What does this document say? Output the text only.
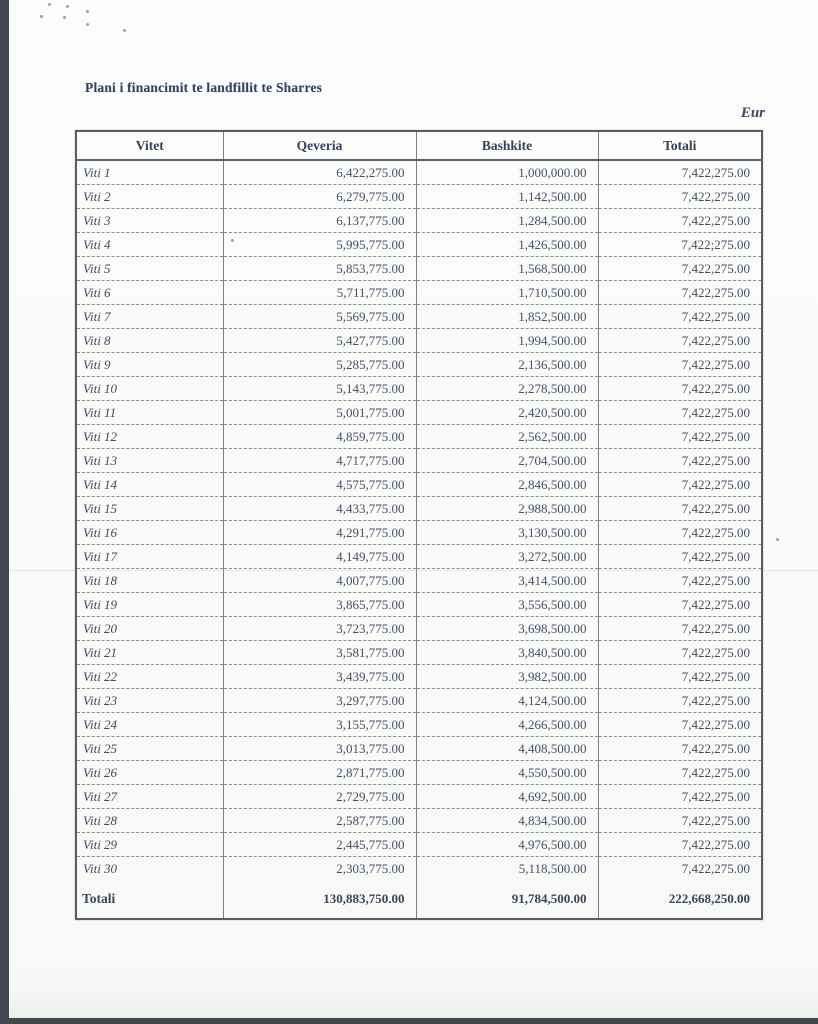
Plani i financimit te landfillit te Sharres
Eur
Vitet	Qeveria	Bashkite	Totali
Viti 1	6,422,275.00	1,000,000.00	7,422,275.00
Viti 2	6,279,775.00	1,142,500.00	7,422,275.00
Viti 3	6,137,775.00	1,284,500.00	7,422,275.00
Viti 4	5,995,775.00	1,426,500.00	7,422;275.00
Viti 5	5,853,775.00	1,568,500.00	7,422,275.00
Viti 6	5,711,775.00	1,710,500.00	7,422,275.00
Viti 7	5,569,775.00	1,852,500.00	7,422,275.00
Viti 8	5,427,775.00	1,994,500.00	7,422,275.00
Viti 9	5,285,775.00	2,136,500.00	7,422,275.00
Viti 10	5,143,775.00	2,278,500.00	7,422,275.00
Viti 11	5,001,775.00	2,420,500.00	7,422,275.00
Viti 12	4,859,775.00	2,562,500.00	7,422,275.00
Viti 13	4,717,775.00	2,704,500.00	7,422,275.00
Viti 14	4,575,775.00	2,846,500.00	7,422,275.00
Viti 15	4,433,775.00	2,988,500.00	7,422,275.00
Viti 16	4,291,775.00	3,130,500.00	7,422,275.00
Viti 17	4,149,775.00	3,272,500.00	7,422,275.00
Viti 18	4,007,775.00	3,414,500.00	7,422,275.00
Viti 19	3,865,775.00	3,556,500.00	7,422,275.00
Viti 20	3,723,775.00	3,698,500.00	7,422,275.00
Viti 21	3,581,775.00	3,840,500.00	7,422,275.00
Viti 22	3,439,775.00	3,982,500.00	7,422,275.00
Viti 23	3,297,775.00	4,124,500.00	7,422,275.00
Viti 24	3,155,775.00	4,266,500.00	7,422,275.00
Viti 25	3,013,775.00	4,408,500.00	7,422,275.00
Viti 26	2,871,775.00	4,550,500.00	7,422,275.00
Viti 27	2,729,775.00	4,692,500.00	7,422,275.00
Viti 28	2,587,775.00	4,834,500.00	7,422,275.00
Viti 29	2,445,775.00	4,976,500.00	7,422,275.00
Viti 30	2,303,775.00	5,118,500.00	7,422,275.00
Totali	130,883,750.00	91,784,500.00	222,668,250.00
